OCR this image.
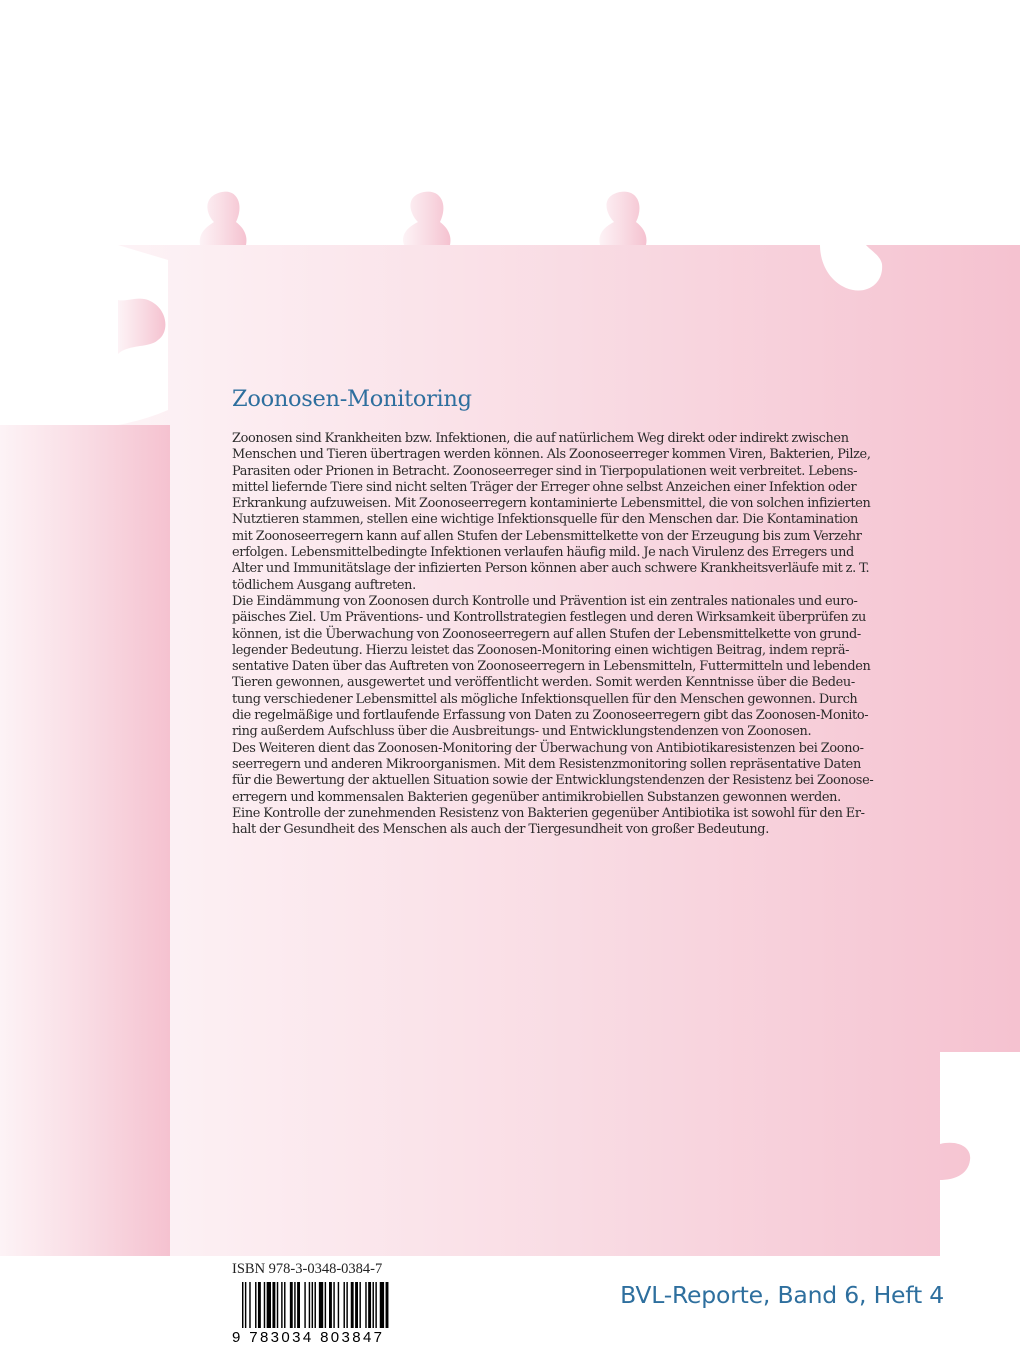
Zoonosen-Monitoring
Zoonosen sind Krankheiten bzw. Infektionen, die auf natürlichem Weg direkt oder indirekt zwischen
Menschen und Tieren übertragen werden können. Als Zoonoseerreger kommen Viren, Bakterien, Pilze,
Parasiten oder Prionen in Betracht. Zoonoseerreger sind in Tierpopulationen weit verbreitet. Lebens-
mittel liefernde Tiere sind nicht selten Träger der Erreger ohne selbst Anzeichen einer Infektion oder
Erkrankung aufzuweisen. Mit Zoonoseerregern kontaminierte Lebensmittel, die von solchen infizierten
Nutztieren stammen, stellen eine wichtige Infektionsquelle für den Menschen dar. Die Kontamination
mit Zoonoseerregern kann auf allen Stufen der Lebensmittelkette von der Erzeugung bis zum Verzehr
erfolgen. Lebensmittelbedingte Infektionen verlaufen häufig mild. Je nach Virulenz des Erregers und
Alter und Immunitätslage der infizierten Person können aber auch schwere Krankheitsverläufe mit z. T.
tödlichem Ausgang auftreten.
Die Eindämmung von Zoonosen durch Kontrolle und Prävention ist ein zentrales nationales und euro-
päisches Ziel. Um Präventions- und Kontrollstrategien festlegen und deren Wirksamkeit überprüfen zu
können, ist die Überwachung von Zoonoseerregern auf allen Stufen der Lebensmittelkette von grund-
legender Bedeutung. Hierzu leistet das Zoonosen-Monitoring einen wichtigen Beitrag, indem reprä-
sentative Daten über das Auftreten von Zoonoseerregern in Lebensmitteln, Futtermitteln und lebenden
Tieren gewonnen, ausgewertet und veröffentlicht werden. Somit werden Kenntnisse über die Bedeu-
tung verschiedener Lebensmittel als mögliche Infektionsquellen für den Menschen gewonnen. Durch
die regelmäßige und fortlaufende Erfassung von Daten zu Zoonoseerregern gibt das Zoonosen-Monito-
ring außerdem Aufschluss über die Ausbreitungs- und Entwicklungstendenzen von Zoonosen.
Des Weiteren dient das Zoonosen-Monitoring der Überwachung von Antibiotikaresistenzen bei Zoono-
seerregern und anderen Mikroorganismen. Mit dem Resistenzmonitoring sollen repräsentative Daten
für die Bewertung der aktuellen Situation sowie der Entwicklungstendenzen der Resistenz bei Zoonose-
erregern und kommensalen Bakterien gegenüber antimikrobiellen Substanzen gewonnen werden.
Eine Kontrolle der zunehmenden Resistenz von Bakterien gegenüber Antibiotika ist sowohl für den Er-
halt der Gesundheit des Menschen als auch der Tiergesundheit von großer Bedeutung.
ISBN 978-3-0348-0384-7
9 783034 803847
BVL-Reporte, Band 6, Heft 4
